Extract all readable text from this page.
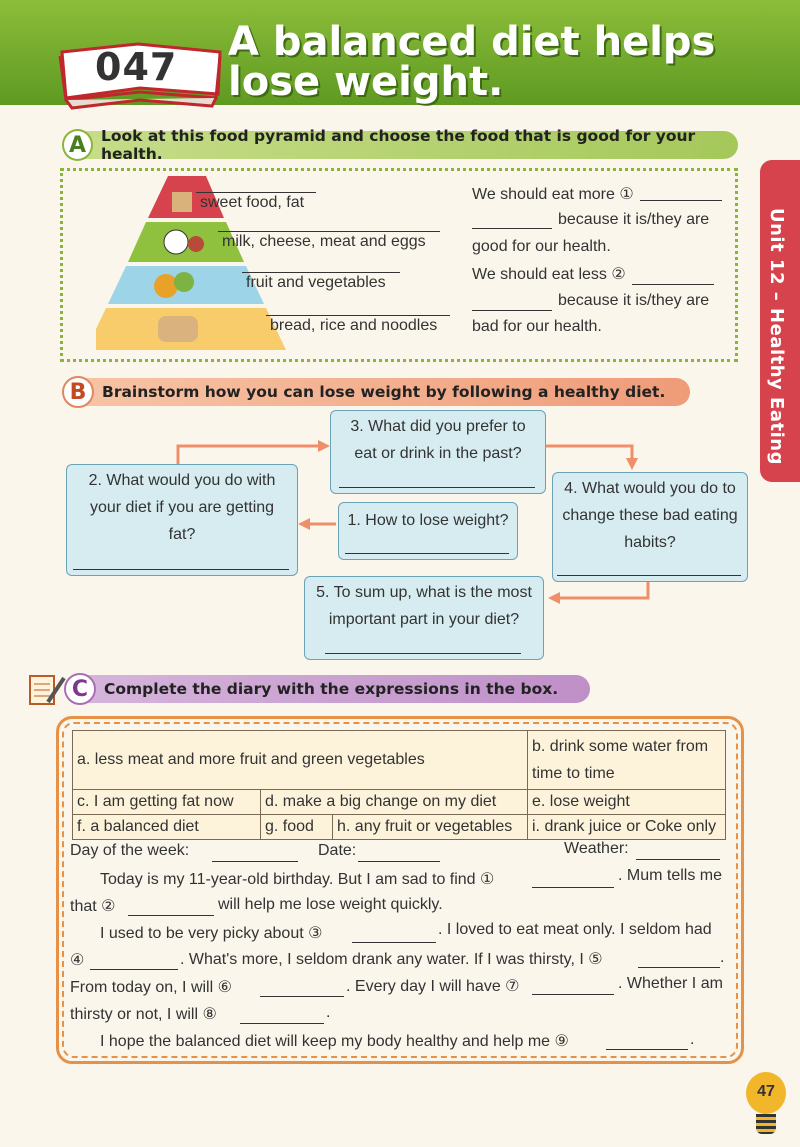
047
A balanced diet helps lose weight.
Unit 12 – Healthy Eating
A Look at this food pyramid and choose the food that is good for your health.
sweet food, fat
milk, cheese, meat and eggs
fruit and vegetables
bread, rice and noodles
We should eat more ①
because it is/they are
good for our health.
We should eat less ②
because it is/they are
bad for our health.
B	Brainstorm how you can lose weight by following a healthy diet.
3. What did you prefer to eat or drink in the past?
2. What would you do with your diet if you are getting fat?
1. How to lose weight?
4. What would you do to change these bad eating habits?
5. To sum up, what is the most important part in your diet?
C	Complete the diary with the expressions in the box.
a. less meat and more fruit and green vegetables			b. drink some water from time to time
c. I am getting fat now	d. make a big change on my diet		e. lose weight
f. a balanced diet	g. food	h. any fruit or vegetables	i. drank juice or Coke only
Day of the week:	Date:	Weather:
Today is my 11-year-old birthday. But I am sad to find ①	. Mum tells me
that ②	will help me lose weight quickly.
I used to be very picky about ③	. I loved to eat meat only. I seldom had
④	. What's more, I seldom drank any water. If I was thirsty, I ⑤	.
From today on, I will ⑥	. Every day I will have ⑦	. Whether I am
thirsty or not, I will ⑧	.
I hope the balanced diet will keep my body healthy and help me ⑨	.
47
